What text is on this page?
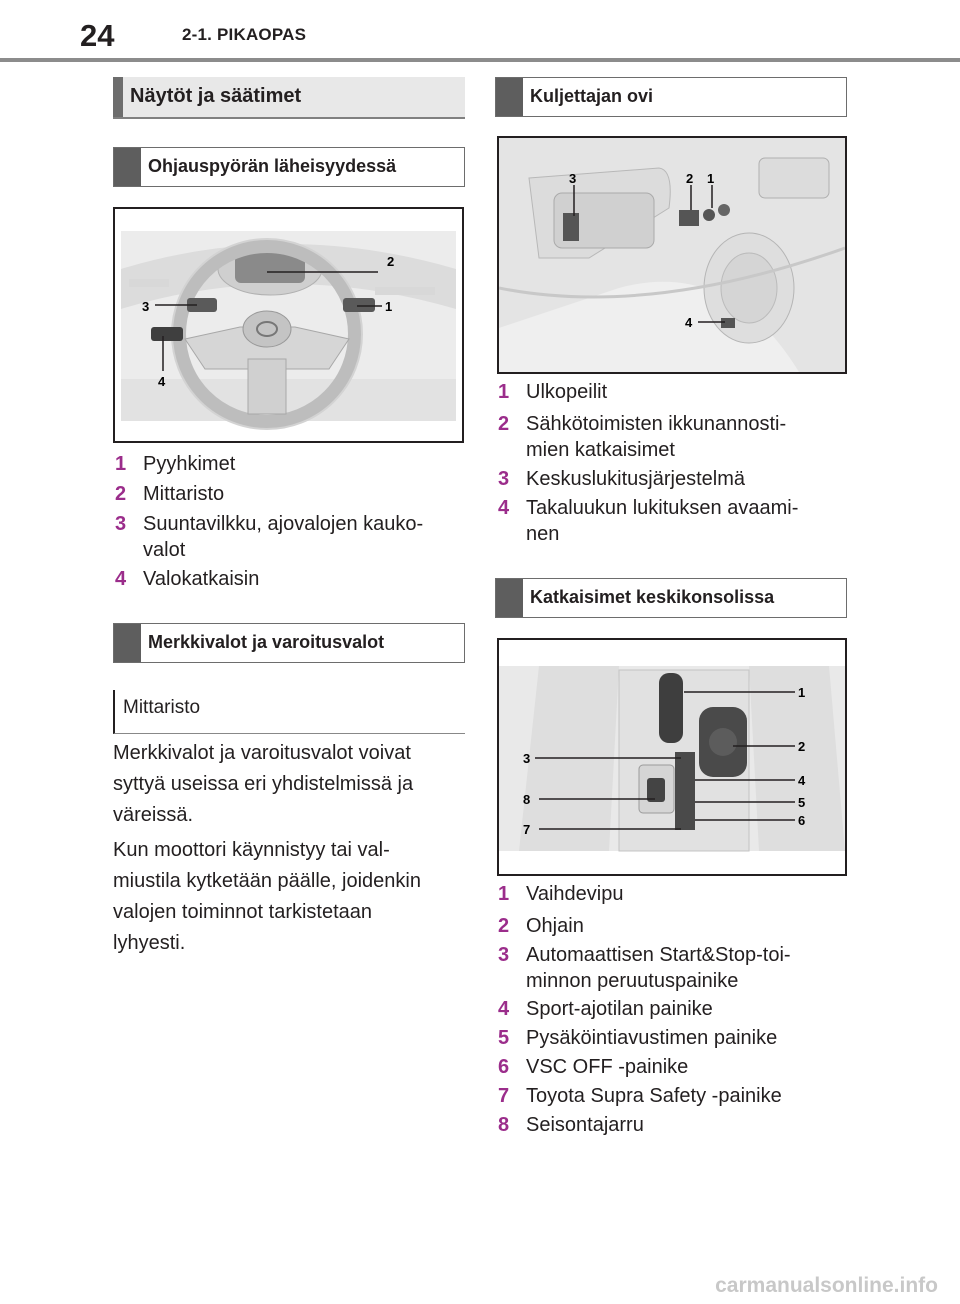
24	2-1. PIKAOPAS
Näytöt ja säätimet
Ohjauspyörän läheisyydessä
2
1
3
4
1 Pyyhkimet
2 Mittaristo
3 Suuntavilkku, ajovalojen kauko-
valot
4 Valokatkaisin
Merkkivalot ja varoitusvalot
Mittaristo
Merkkivalot ja varoitusvalot voivat
syttyä useissa eri yhdistelmissä ja
väreissä.
Kun moottori käynnistyy tai val-
miustila kytketään päälle, joidenkin
valojen toiminnot tarkistetaan
lyhyesti.
Kuljettajan ovi
3	2 1
4
1 Ulkopeilit
2 Sähkötoimisten ikkunannosti-
mien katkaisimet
3 Keskuslukitusjärjestelmä
4 Takaluukun lukituksen avaami-
nen
Katkaisimet keskikonsolissa
1
2
3
4
5
6
7
8
1 Vaihdevipu
2 Ohjain
3 Automaattisen Start&Stop-toi-
minnon peruutuspainike
4 Sport-ajotilan painike
5 Pysäköintiavustimen painike
6 VSC OFF -painike
7 Toyota Supra Safety -painike
8 Seisontajarru
carmanualsonline.info
